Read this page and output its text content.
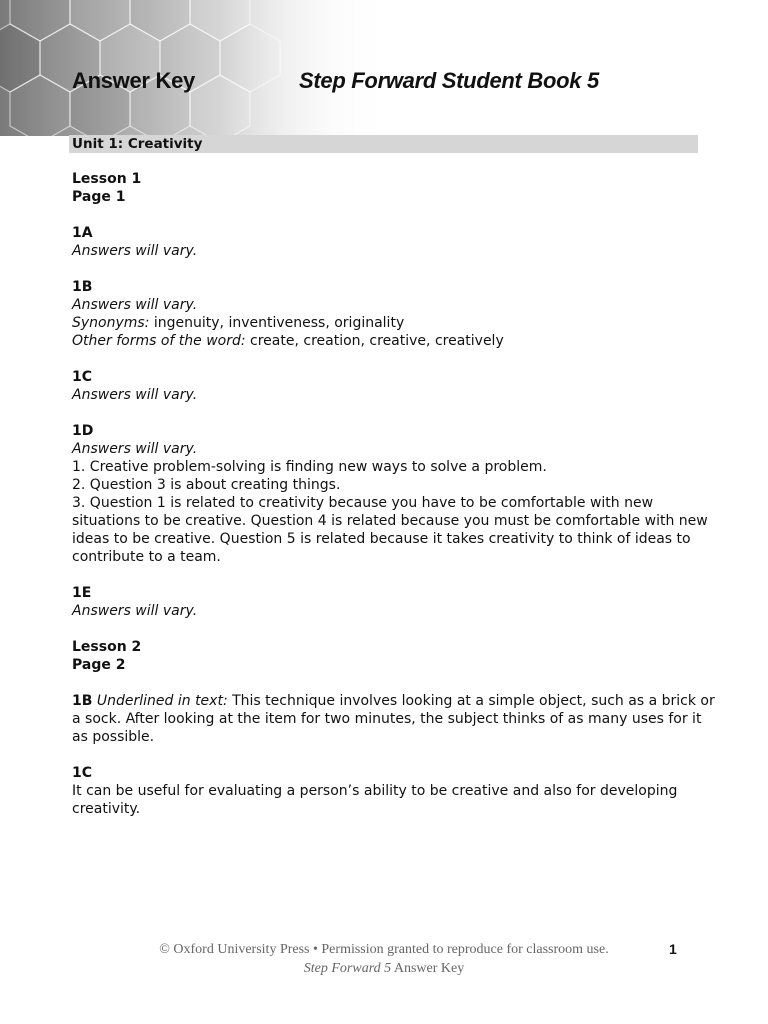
Answer Key	Step Forward Student Book 5
Unit 1: Creativity

Lesson 1

Page 1

1A

Answers will vary.

1B

Answers will vary.

Synonyms: ingenuity, inventiveness, originality

Other forms of the word: create, creation, creative, creatively

1C

Answers will vary.

1D

Answers will vary.

1. Creative problem-solving is finding new ways to solve a problem.

2. Question 3 is about creating things.

3. Question 1 is related to creativity because you have to be comfortable with new

situations to be creative. Question 4 is related because you must be comfortable with new

ideas to be creative. Question 5 is related because it takes creativity to think of ideas to

contribute to a team.

1E

Answers will vary.

Lesson 2

Page 2

1B Underlined in text: This technique involves looking at a simple object, such as a brick or

a sock. After looking at the item for two minutes, the subject thinks of as many uses for it

as possible.

1C

It can be useful for evaluating a person’s ability to be creative and also for developing

creativity.

© Oxford University Press • Permission granted to reproduce for classroom use.
Step Forward 5 Answer Key
1
